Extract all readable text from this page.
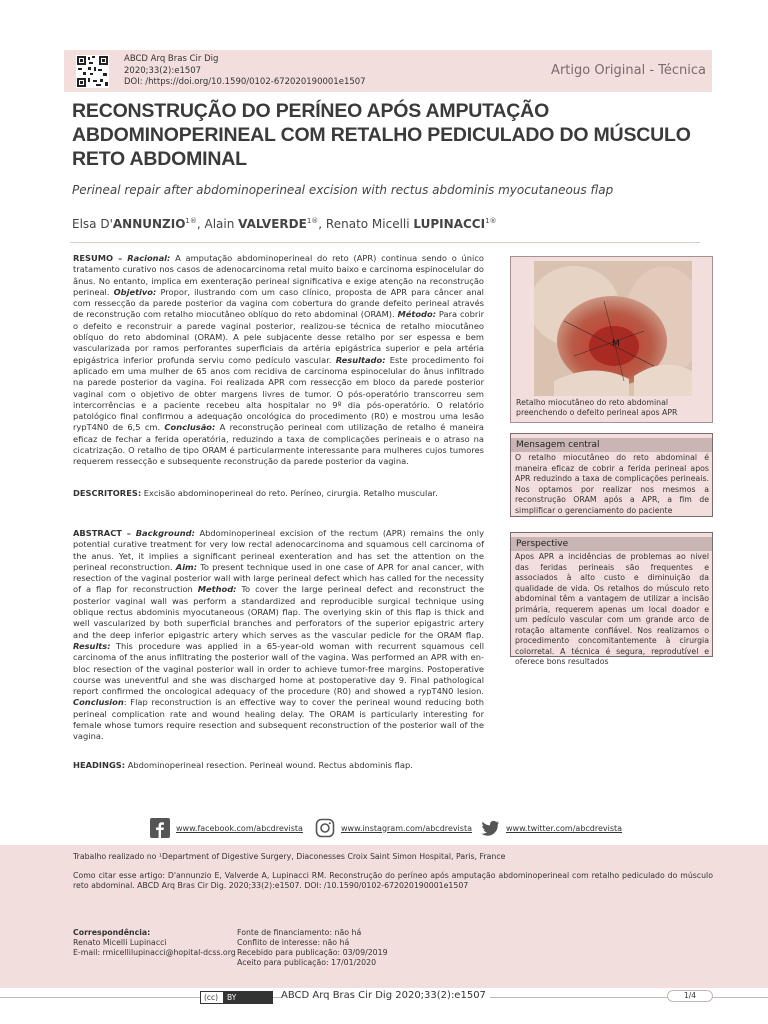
ABCD Arq Bras Cir Dig
2020;33(2):e1507
DOI: /https://doi.org/10.1590/0102-672020190001e1507
Artigo Original - Técnica
RECONSTRUÇÃO DO PERÍNEO APÓS AMPUTAÇÃO ABDOMINOPERINEAL COM RETALHO PEDICULADO DO MÚSCULO RETO ABDOMINAL
Perineal repair after abdominoperineal excision with rectus abdominis myocutaneous flap
Elsa $D'ANNUNZIO^{1®}$, Alain $VALVERDE^{1®}$, Renato Micelli $LUPINACCI^{1®}$
RESUMO – Racional: A amputação abdominoperineal do reto (APR) continua sendo o único tratamento curativo nos casos de adenocarcinoma retal muito baixo e carcinoma espinocelular do ânus. No entanto, implica em exenteração perineal significativa e exige atenção na reconstrução perineal. Objetivo: Propor, ilustrando com um caso clínico, proposta de APR para câncer anal com ressecção da parede posterior da vagina com cobertura do grande defeito perineal através de reconstrução com retalho miocutâneo oblíquo do reto abdominal (ORAM). Método: Para cobrir o defeito e reconstruir a parede vaginal posterior, realizou-se técnica de retalho miocutâneo oblíquo do reto abdominal (ORAM). A pele subjacente desse retalho por ser espessa e bem vascularizada por ramos perforantes superficiais da artéria epigástrica superior e pela artéria epigástrica inferior profunda serviu como pedículo vascular. Resultado: Este procedimento foi aplicado em uma mulher de 65 anos com recidiva de carcinoma espinocelular do ânus infiltrado na parede posterior da vagina. Foi realizada APR com ressecção em bloco da parede posterior vaginal com o objetivo de obter margens livres de tumor. O pós-operatório transcorreu sem intercorrências e a paciente recebeu alta hospitalar no 9º dia pós-operatório. O relatório patológico final confirmou a adequação oncológica do procedimento (R0) e mostrou uma lesão rypT4N0 de 6,5 cm. Conclusão: A reconstrução perineal com utilização de retalho é maneira eficaz de fechar a ferida operatória, reduzindo a taxa de complicações perineais e o atraso na cicatrização. O retalho de tipo ORAM é particularmente interessante para mulheres cujos tumores requerem ressecção e subsequente reconstrução da parede posterior da vagina.
DESCRITORES: Excisão abdominoperineal do reto. Períneo, cirurgia. Retalho muscular.
ABSTRACT – Background: Abdominoperineal excision of the rectum (APR) remains the only potential curative treatment for very low rectal adenocarcinoma and squamous cell carcinoma of the anus. Yet, it implies a significant perineal exenteration and has set the attention on the perineal reconstruction. Aim: To present technique used in one case of APR for anal cancer, with resection of the vaginal posterior wall with large perineal defect which has called for the necessity of a flap for reconstruction Method: To cover the large perineal defect and reconstruct the posterior vaginal wall was perform a standardized and reproducible surgical technique using oblique rectus abdominis myocutaneous (ORAM) flap. The overlying skin of this flap is thick and well vascularized by both superficial branches and perforators of the superior epigastric artery and the deep inferior epigastric artery which serves as the vascular pedicle for the ORAM flap. Results: This procedure was applied in a 65-year-old woman with recurrent squamous cell carcinoma of the anus infiltrating the posterior wall of the vagina. Was performed an APR with en-bloc resection of the vaginal posterior wall in order to achieve tumor-free margins. Postoperative course was uneventful and she was discharged home at postoperative day 9. Final pathological report confirmed the oncological adequacy of the procedure (R0) and showed a rypT4N0 lesion. Conclusion: Flap reconstruction is an effective way to cover the perineal wound reducing both perineal complication rate and wound healing delay. The ORAM is particularly interesting for female whose tumors require resection and subsequent reconstruction of the posterior wall of the vagina.
HEADINGS: Abdominoperineal resection. Perineal wound. Rectus abdominis flap.
M
Retalho miocutâneo do reto abdominal preenchendo o defeito perineal apos APR
Mensagem central
O retalho miocutâneo do reto abdominal é maneira eficaz de cobrir a ferida perineal apos APR reduzindo a taxa de complicações perineais. Nos optamos por realizar nos mesmos a reconstrução ORAM após a APR, a fim de simplificar o gerenciamento do paciente
Perspective
Apos APR a incidências de problemas ao nivel das feridas perineais são frequentes e associados à alto custo e diminuição da qualidade de vida. Os retalhos do músculo reto abdominal têm a vantagem de utilizar a incisão primária, requerem apenas um local doador e um pedículo vascular com um grande arco de rotação altamente confiável. Nos realizamos o procedimento concomitantemente à cirurgia colorretal. A técnica é segura, reprodutível e oferece bons resultados
www.facebook.com/abcdrevista	www.instagram.com/abcdrevista	www.twitter.com/abcdrevista
Trabalho realizado no ¹Department of Digestive Surgery, Diaconesses Croix Saint Simon Hospital, Paris, France
Como citar esse artigo: D'annunzio E, Valverde A, Lupinacci RM. Reconstrução do períneo após amputação abdominoperineal com retalho pediculado do músculo reto abdominal. ABCD Arq Bras Cir Dig. 2020;33(2):e1507. DOI: /10.1590/0102-672020190001e1507
Correspondência:
Renato Micelli Lupinacci
E-mail: rmicellilupinacci@hopital-dcss.org
Fonte de financiamento: não há
Conflito de interesse: não há
Recebido para publicação: 03/09/2019
Aceito para publicação: 17/01/2020
(cc)	BY	ABCD Arq Bras Cir Dig 2020;33(2):e1507	1/4
